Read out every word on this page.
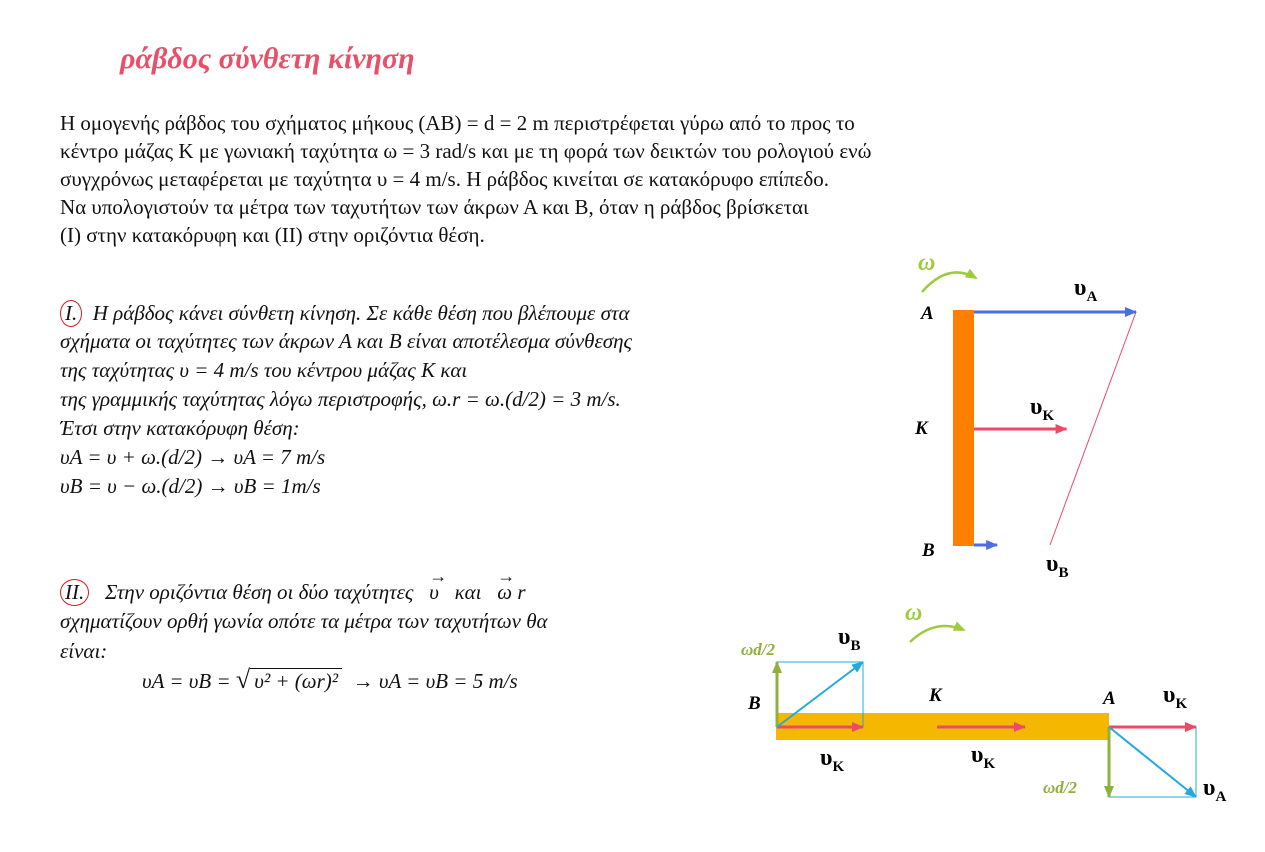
ράβδος σύνθετη κίνηση
Η ομογενής ράβδος του σχήματος μήκους (ΑΒ) = d = 2 m περιστρέφεται γύρω από το προς το
κέντρο μάζας Κ με γωνιακή ταχύτητα ω = 3 rad/s και με τη φορά των δεικτών του ρολογιού ενώ
συγχρόνως μεταφέρεται με ταχύτητα υ = 4 m/s. Η ράβδος κινείται σε κατακόρυφο επίπεδο.
Να υπολογιστούν τα μέτρα των ταχυτήτων των άκρων Α και Β, όταν η ράβδος βρίσκεται
(Ι) στην κατακόρυφη και (ΙΙ) στην οριζόντια θέση.
I. Η ράβδος κάνει σύνθετη κίνηση. Σε κάθε θέση που βλέπουμε στα
σχήματα οι ταχύτητες των άκρων Α και Β είναι αποτέλεσμα σύνθεσης
της ταχύτητας υ = 4 m/s του κέντρου μάζας Κ και
της γραμμικής ταχύτητας λόγω περιστροφής, ω.r = ω.(d/2) = 3 m/s.
Έτσι στην κατακόρυφη θέση:
υA = υ + ω.(d/2) → υA = 7 m/s
υB = υ − ω.(d/2) → υB = 1m/s
II. Στην οριζόντια θέση οι δύο ταχύτητες
→
υ και
→
ω r
σχηματίζουν ορθή γωνία οπότε τα μέτρα των ταχυτήτων θα
είναι:
υA = υB = √ υ² + (ωr)² → υA = υB = 5 m/s
ω
A
K
B
$\upsilon_A$
$\upsilon_K$
$\upsilon_B$
ω
ωd/2
ωd/2
B	K	A
$\upsilon_B$
$\upsilon_K$	$\upsilon_K$
$\upsilon_K$
$\upsilon_A$
